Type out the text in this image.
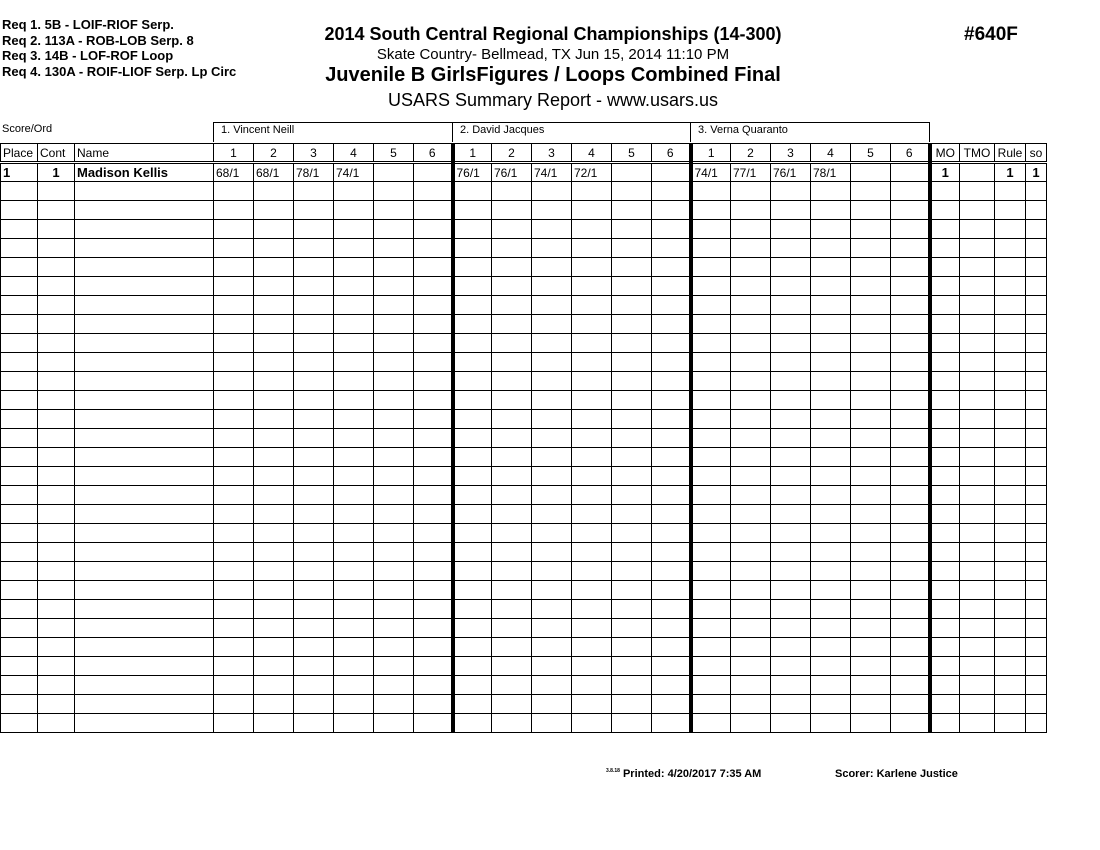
Req 1. 5B - LOIF-RIOF Serp.
Req 2. 113A - ROB-LOB Serp. 8
Req 3. 14B - LOF-ROF Loop
Req 4. 130A - ROIF-LIOF Serp. Lp Circ
2014 South Central Regional Championships (14-300)
Skate Country- Bellmead, TX Jun 15, 2014 11:10 PM
Juvenile B GirlsFigures / Loops Combined Final
USARS Summary Report - www.usars.us
#640F
Score/Ord	1. Vincent Neill	2. David Jacques	3. Verna Quaranto
Place	Cont	Name	1	2	3	4	5	6	1	2	3	4	5	6	1	2	3	4	5	6	MO	TMO	Rule	so
1	1	Madison Kellis	68/1	68/1	78/1	74/1			76/1	76/1	74/1	72/1			74/1	77/1	76/1	78/1			1		1	1

$^{3.8.18}$ Printed: 4/20/2017 7:35 AM	Scorer: Karlene Justice
